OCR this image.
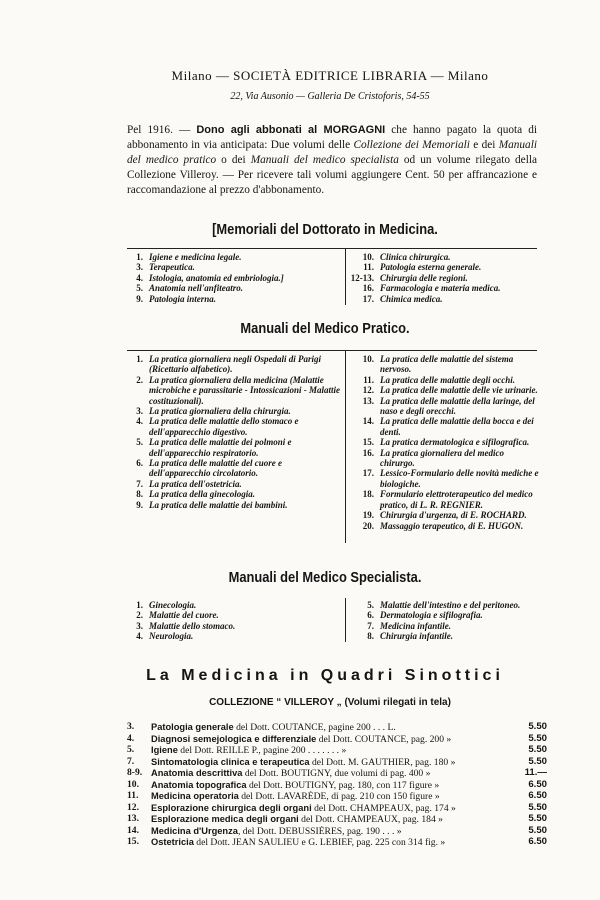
Milano — SOCIETÀ EDITRICE LIBRARIA — Milano
22, Via Ausonio — Galleria De Cristoforis, 54-55
Pel 1916. — Dono agli abbonati al MORGAGNI che hanno pagato la quota di abbonamento in via anticipata: Due volumi delle Collezione dei Memoriali e dei Manuali del medico pratico o dei Manuali del medico specialista od un volume rilegato della Collezione Villeroy. — Per ricevere tali volumi aggiungere Cent. 50 per affrancazione e raccomandazione al prezzo d'abbonamento.
[Memoriali del Dottorato in Medicina.
1. Igiene e medicina legale.
3. Terapeutica.
4. Istologia, anatomia ed embriologia.]
5. Anatomia nell'anfiteatro.
9. Patologia interna.
10. Clinica chirurgica.
11. Patologia esterna generale.
12-13. Chirurgia delle regioni.
16. Farmacologia e materia medica.
17. Chimica medica.
Manuali del Medico Pratico.
1. La pratica giornaliera negli Ospedali di Parigi (Ricettario alfabetico).
2. La pratica giornaliera della medicina (Malattie microbiche e parassitarie - Intossicazioni - Malattie costituzionali).
3. La pratica giornaliera della chirurgia.
4. La pratica delle malattie dello stomaco e dell'apparecchio digestivo.
5. La pratica delle malattie dei polmoni e dell'apparecchio respiratorio.
6. La pratica delle malattie del cuore e dell'apparecchio circolatorio.
7. La pratica dell'ostetricia.
8. La pratica della ginecologia.
9. La pratica delle malattie dei bambini.
10. La pratica delle malattie del sistema nervoso.
11. La pratica delle malattie degli occhi.
12. La pratica delle malattie delle vie urinarie.
13. La pratica delle malattie della laringe, del naso e degli orecchi.
14. La pratica delle malattie della bocca e dei denti.
15. La pratica dermatologica e sifilografica.
16. La pratica giornaliera del medico chirurgo.
17. Lessico-Formulario delle novità mediche e biologiche.
18. Formulario elettroterapeutico del medico pratico, di L. R. REGNIER.
19. Chirurgia d'urgenza, di E. ROCHARD.
20. Massaggio terapeutico, di E. HUGON.
Manuali del Medico Specialista.
1. Ginecologia.
2. Malattie del cuore.
3. Malattie dello stomaco.
4. Neurologia.
5. Malattie dell'intestino e del peritoneo.
6. Dermatologia e sifilografia.
7. Medicina infantile.
8. Chirurgia infantile.
La Medicina in Quadri Sinottici
COLLEZIONE “ VILLEROY „ (Volumi rilegati in tela)
3.	Patologia generale del Dott. COUTANCE, pagine 200 . . . L.	5.50
4.	Diagnosi semejologica e differenziale del Dott. COUTANCE, pag. 200 »	5.50
5.	Igiene del Dott. REILLE P., pagine 200 . . . . . . . »	5.50
7.	Sintomatologia clinica e terapeutica del Dott. M. GAUTHIER, pag. 180 »	5.50
8-9. Anatomia descrittiva del Dott. BOUTIGNY, due volumi di pag. 400 »	11.—
10.	Anatomia topografica del Dott. BOUTIGNY, pag. 180, con 117 figure »	6.50
11.	Medicina operatoria del Dott. LAVARÈDE, di pag. 210 con 150 figure »	6.50
12.	Esplorazione chirurgica degli organi del Dott. CHAMPEAUX, pag. 174 »	5.50
13.	Esplorazione medica degli organi del Dott. CHAMPEAUX, pag. 184 »	5.50
14.	Medicina d'Urgenza, del Dott. DEBUSSIÈRES, pag. 190 . . . »	5.50
15.	Ostetricia del Dott. JEAN SAULIEU e G. LEBIEF, pag. 225 con 314 fig. »	6.50
